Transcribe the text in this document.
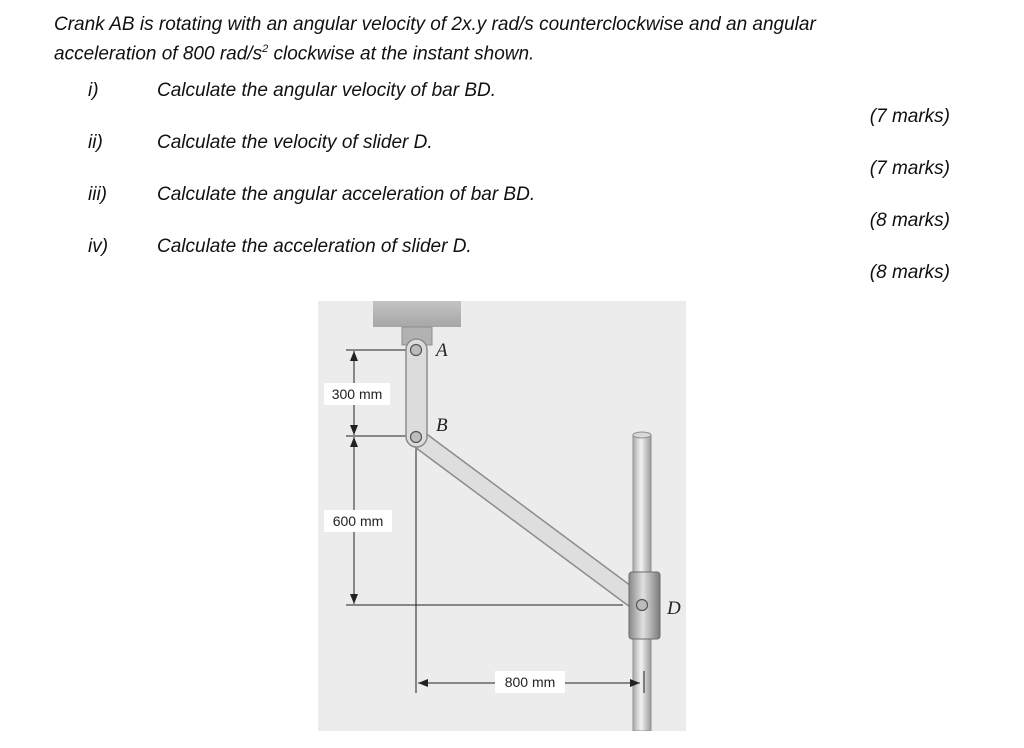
Crank AB is rotating with an angular velocity of 2x.y rad/s counterclockwise and an angular
acceleration of 800 rad/$s^2$ clockwise at the instant shown.
i)	Calculate the angular velocity of bar BD.
(7 marks)
ii)	Calculate the velocity of slider D.
(7 marks)
iii)	Calculate the angular acceleration of bar BD.
(8 marks)
iv)	Calculate the acceleration of slider D.
(8 marks)
300 mm
600 mm
800 mm
A
B
D
